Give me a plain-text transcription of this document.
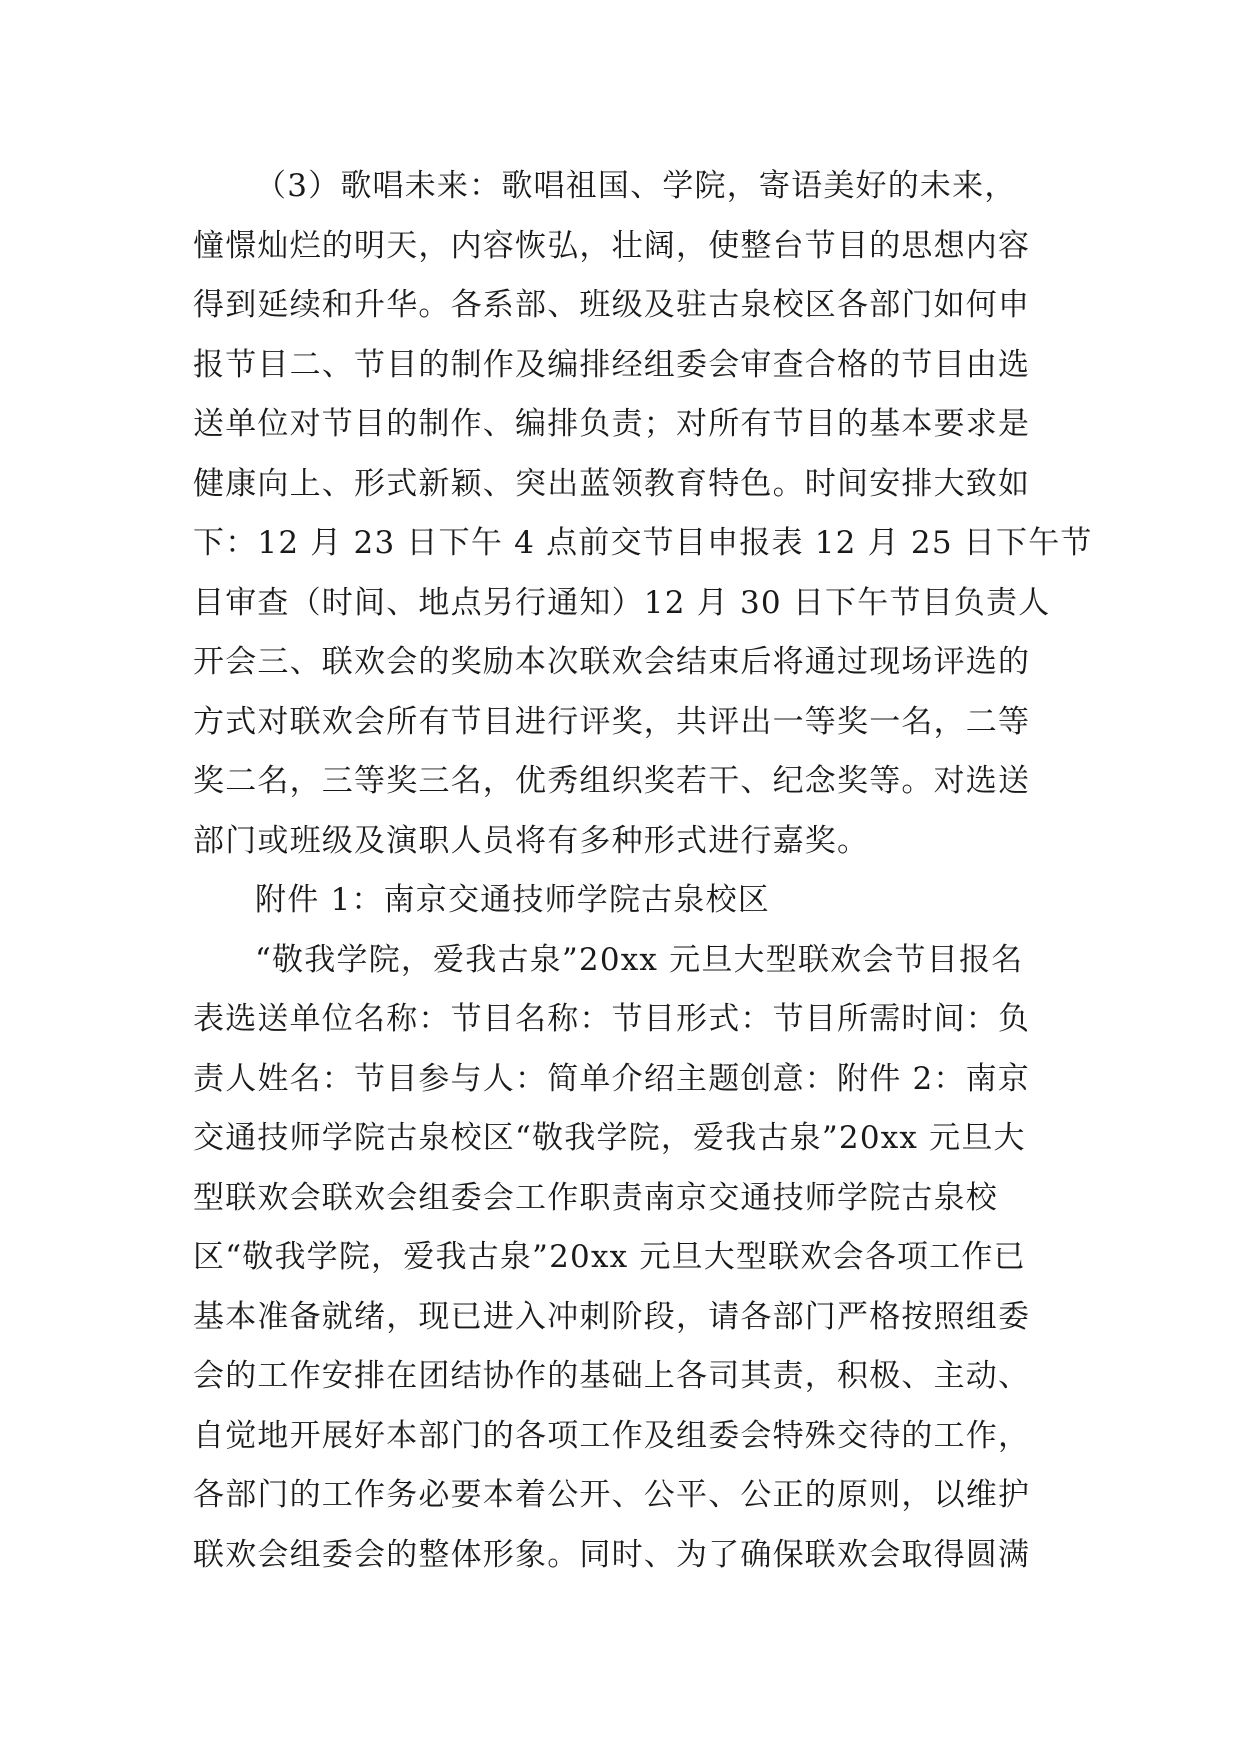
（3）歌唱未来：歌唱祖国、学院，寄语美好的未来，
憧憬灿烂的明天，内容恢弘，壮阔，使整台节目的思想内容
得到延续和升华。各系部、班级及驻古泉校区各部门如何申
报节目二、节目的制作及编排经组委会审查合格的节目由选
送单位对节目的制作、编排负责；对所有节目的基本要求是
健康向上、形式新颖、突出蓝领教育特色。时间安排大致如
下：12 月 23 日下午 4 点前交节目申报表 12 月 25 日下午节
目审查（时间、地点另行通知）12 月 30 日下午节目负责人
开会三、联欢会的奖励本次联欢会结束后将通过现场评选的
方式对联欢会所有节目进行评奖，共评出一等奖一名，二等
奖二名，三等奖三名，优秀组织奖若干、纪念奖等。对选送
部门或班级及演职人员将有多种形式进行嘉奖。
附件 1：南京交通技师学院古泉校区
“敬我学院，爱我古泉”20xx 元旦大型联欢会节目报名
表选送单位名称：节目名称：节目形式：节目所需时间：负
责人姓名：节目参与人：简单介绍主题创意：附件 2：南京
交通技师学院古泉校区“敬我学院，爱我古泉”20xx 元旦大
型联欢会联欢会组委会工作职责南京交通技师学院古泉校
区“敬我学院，爱我古泉”20xx 元旦大型联欢会各项工作已
基本准备就绪，现已进入冲刺阶段，请各部门严格按照组委
会的工作安排在团结协作的基础上各司其责，积极、主动、
自觉地开展好本部门的各项工作及组委会特殊交待的工作，
各部门的工作务必要本着公开、公平、公正的原则，以维护
联欢会组委会的整体形象。同时、为了确保联欢会取得圆满
